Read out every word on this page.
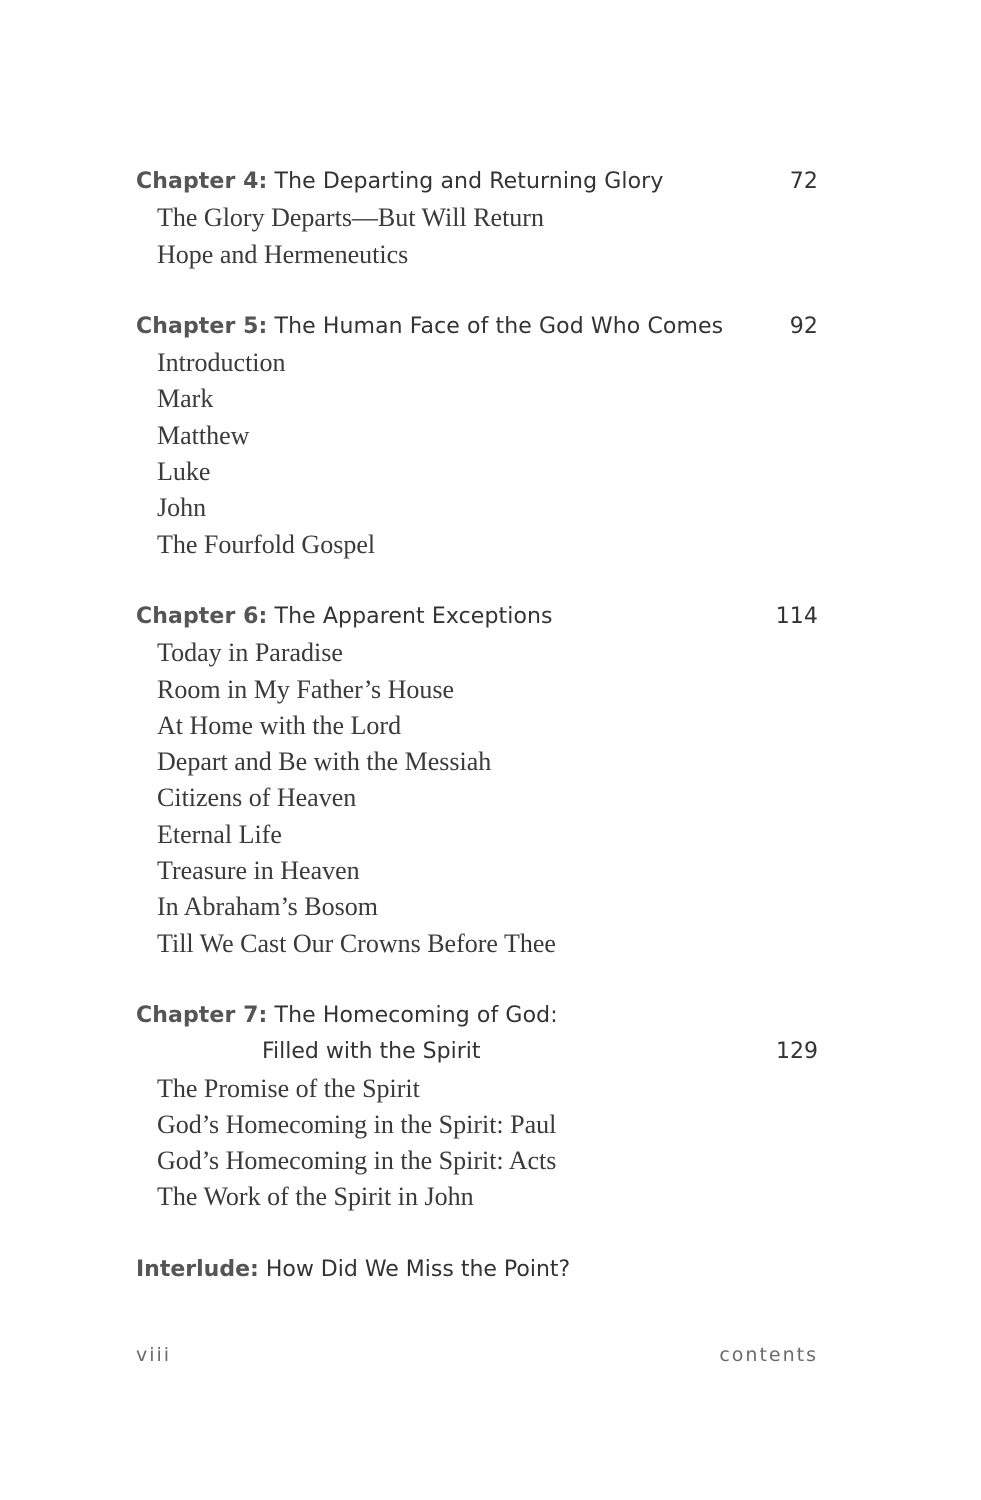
Chapter 4: The Departing and Returning Glory	72
The Glory Departs—But Will Return
Hope and Hermeneutics
Chapter 5: The Human Face of the God Who Comes	92
Introduction
Mark
Matthew
Luke
John
The Fourfold Gospel
Chapter 6: The Apparent Exceptions	114
Today in Paradise
Room in My Father’s House
At Home with the Lord
Depart and Be with the Messiah
Citizens of Heaven
Eternal Life
Treasure in Heaven
In Abraham’s Bosom
Till We Cast Our Crowns Before Thee
Chapter 7: The Homecoming of God:
Filled with the Spirit	129
The Promise of the Spirit
God’s Homecoming in the Spirit: Paul
God’s Homecoming in the Spirit: Acts
The Work of the Spirit in John
Interlude: How Did We Miss the Point?
viii	contents
